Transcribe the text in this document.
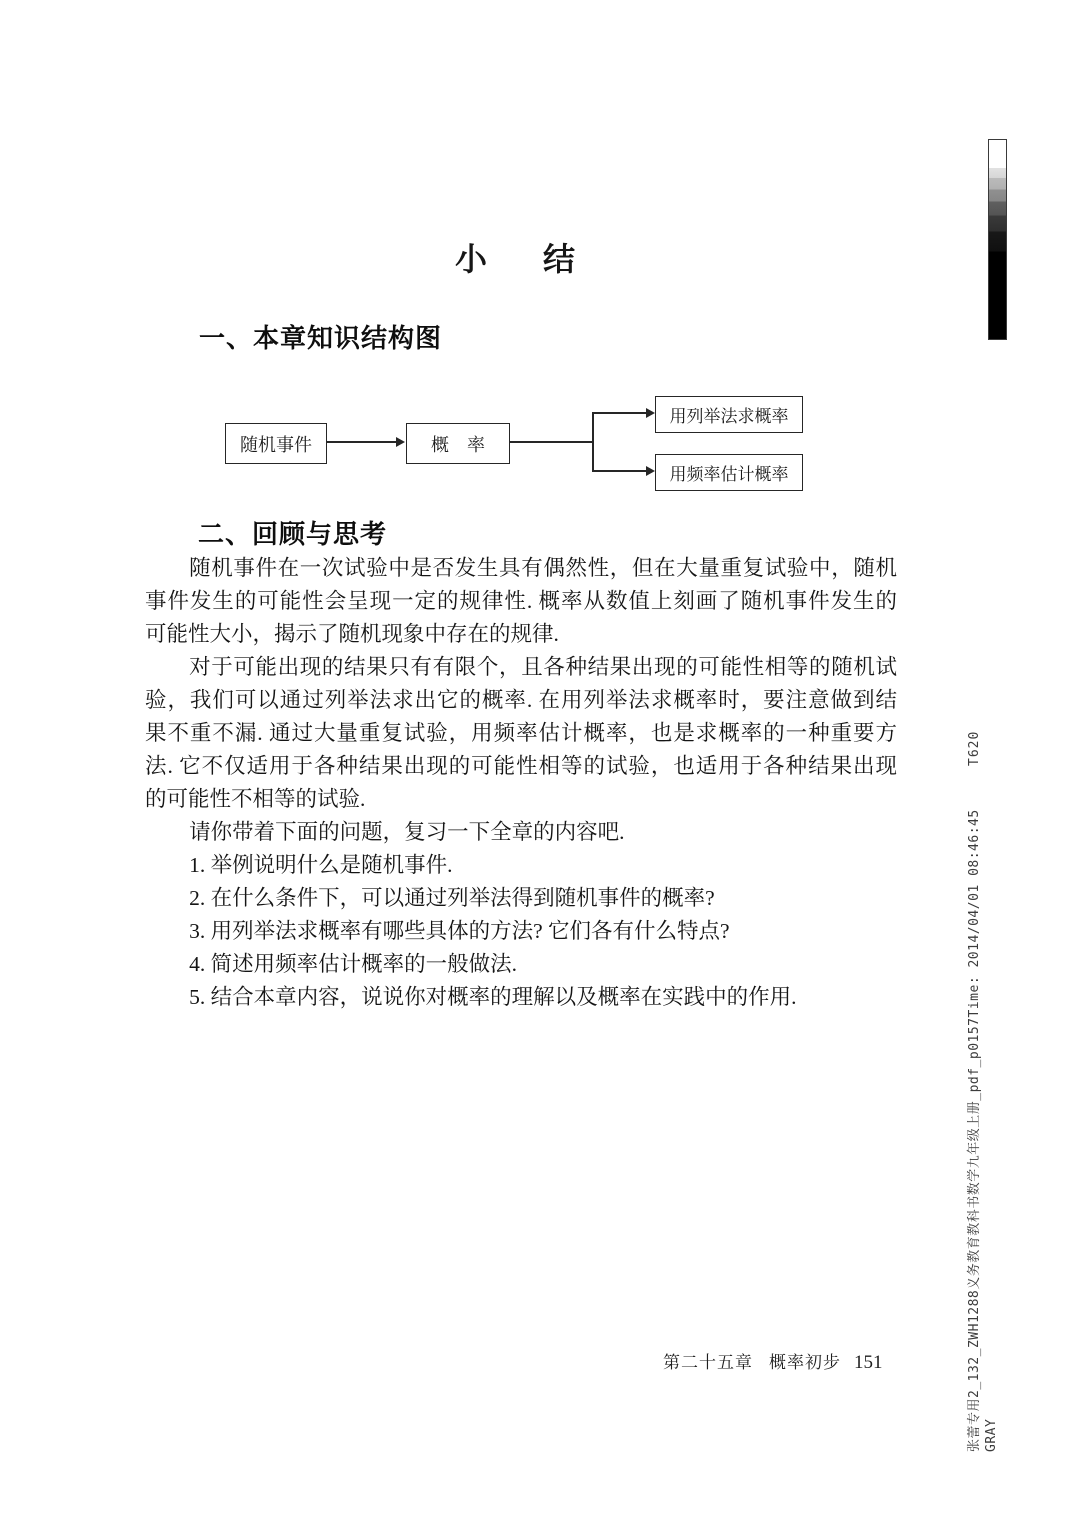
小　结
一、本章知识结构图
随机事件	概　率
用列举法求概率
用频率估计概率
二、回顾与思考
随机事件在一次试验中是否发生具有偶然性，但在大量重复试验中，随机
事件发生的可能性会呈现一定的规律性. 概率从数值上刻画了随机事件发生的
可能性大小，揭示了随机现象中存在的规律.
对于可能出现的结果只有有限个，且各种结果出现的可能性相等的随机试
验，我们可以通过列举法求出它的概率. 在用列举法求概率时，要注意做到结
果不重不漏. 通过大量重复试验，用频率估计概率，也是求概率的一种重要方
法. 它不仅适用于各种结果出现的可能性相等的试验，也适用于各种结果出现
的可能性不相等的试验.
请你带着下面的问题，复习一下全章的内容吧.
1. 举例说明什么是随机事件.
2. 在什么条件下，可以通过列举法得到随机事件的概率?
3. 用列举法求概率有哪些具体的方法? 它们各有什么特点?
4. 简述用频率估计概率的一般做法.
5. 结合本章内容，说说你对概率的理解以及概率在实践中的作用.
第二十五章 概率初步 151	张蕾专用2_132_ZWH1288义务教育教科书数学九年级上册_pdf_p0157Time: 2014/04/01 08:46:45 GRAY
T620
